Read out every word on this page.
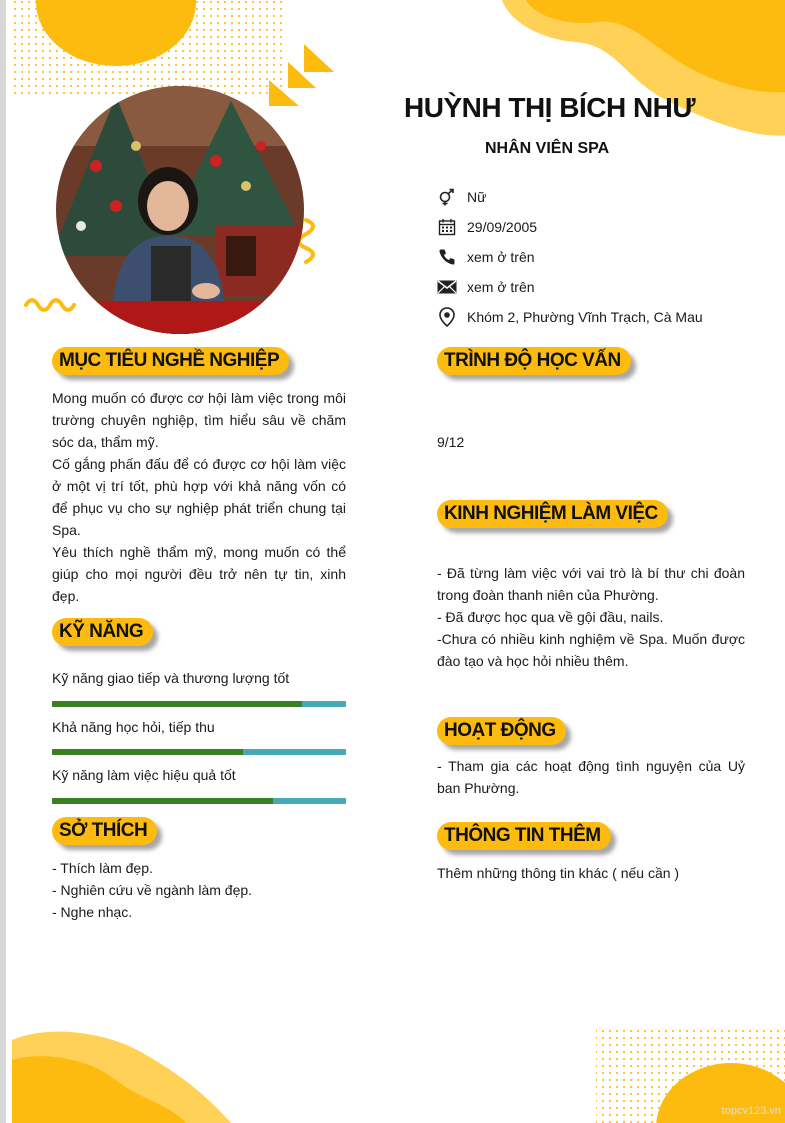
HUỲNH THỊ BÍCH NHƯ
NHÂN VIÊN SPA
Nữ
29/09/2005
xem ở trên
xem ở trên
Khóm 2, Phường Vĩnh Trạch, Cà Mau
MỤC TIÊU NGHỀ NGHIỆP

Mong muốn có được cơ hội làm việc trong môi trường chuyên nghiệp, tìm hiểu sâu về chăm sóc da, thẩm mỹ.

Cố gắng phấn đấu để có được cơ hội làm việc ở một vị trí tốt, phù hợp với khả năng vốn có để phục vụ cho sự nghiệp phát triển chung tại Spa.

Yêu thích nghề thẩm mỹ, mong muốn có thể giúp cho mọi người đều trở nên tự tin, xinh đẹp.

KỸ NĂNG
Kỹ năng giao tiếp và thương lượng tốt
Khả năng học hỏi, tiếp thu
Kỹ năng làm việc hiệu quả tốt
SỞ THÍCH

- Thích làm đẹp.

- Nghiên cứu về ngành làm đẹp.

- Nghe nhạc.

TRÌNH ĐỘ HỌC VẤN
9/12
KINH NGHIỆM LÀM VIỆC

- Đã từng làm việc với vai trò là bí thư chi đoàn trong đoàn thanh niên của Phường.

- Đã được học qua về gội đầu, nails.

-Chưa có nhiều kinh nghiệm về Spa. Muốn được đào tạo và học hỏi nhiều thêm.

HOẠT ĐỘNG
- Tham gia các hoạt động tình nguyện của Uỷ ban Phường.
THÔNG TIN THÊM
Thêm những thông tin khác ( nếu cần )
topcv123.vn
